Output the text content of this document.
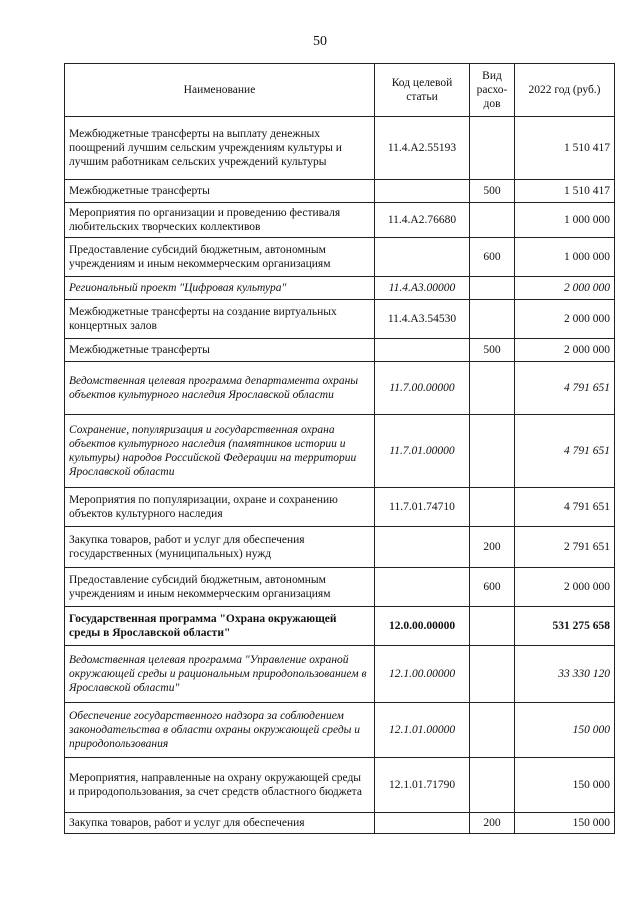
50
Наименование	Код целевой статьи	Вид расхо-дов	2022 год (руб.)
Межбюджетные трансферты на выплату денежных поощрений лучшим сельским учреждениям культуры и лучшим работникам сельских учреждений культуры	11.4.А2.55193		1 510 417
Межбюджетные трансферты		500	1 510 417
Мероприятия по организации и проведению фестиваля любительских творческих коллективов	11.4.А2.76680		1 000 000
Предоставление субсидий бюджетным, автономным учреждениям и иным некоммерческим организациям		600	1 000 000
Региональный проект "Цифровая культура"	11.4.А3.00000		2 000 000
Межбюджетные трансферты на создание виртуальных концертных залов	11.4.А3.54530		2 000 000
Межбюджетные трансферты		500	2 000 000
Ведомственная целевая программа департамента охраны объектов культурного наследия Ярославской области	11.7.00.00000		4 791 651
Сохранение, популяризация и государственная охрана объектов культурного наследия (памятников истории и культуры) народов Российской Федерации на территории Ярославской области	11.7.01.00000		4 791 651
Мероприятия по популяризации, охране и сохранению объектов культурного наследия	11.7.01.74710		4 791 651
Закупка товаров, работ и услуг для обеспечения государственных (муниципальных) нужд		200	2 791 651
Предоставление субсидий бюджетным, автономным учреждениям и иным некоммерческим организациям		600	2 000 000
Государственная программа "Охрана окружающей среды в Ярославской области"	12.0.00.00000		531 275 658
Ведомственная целевая программа "Управление охраной окружающей среды и рациональным природопользованием в Ярославской области"	12.1.00.00000		33 330 120
Обеспечение государственного надзора за соблюдением законодательства в области охраны окружающей среды и природопользования	12.1.01.00000		150 000
Мероприятия, направленные на охрану окружающей среды и природопользования, за счет средств областного бюджета	12.1.01.71790		150 000
Закупка товаров, работ и услуг для обеспечения		200	150 000
